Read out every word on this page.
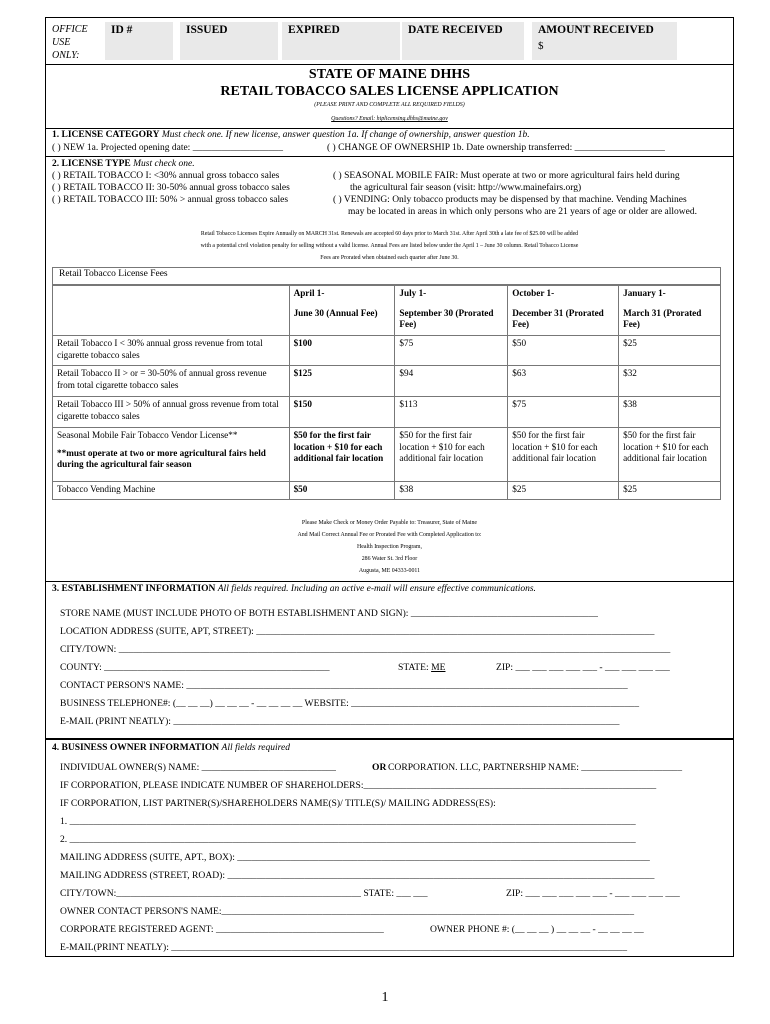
OFFICE USE ONLY:
ID #	ISSUED	EXPIRED	DATE RECEIVED	AMOUNT RECEIVED
$
STATE OF MAINE DHHS
RETAIL TOBACCO SALES LICENSE APPLICATION
(PLEASE PRINT AND COMPLETE ALL REQUIRED FIELDS)
Questions? Email: hiplicensing.dhhs@maine.gov
1. LICENSE CATEGORY Must check one. If new license, answer question 1a. If change of ownership, answer question 1b.
( ) NEW 1a. Projected opening date: ___________________	( ) CHANGE OF OWNERSHIP 1b. Date ownership transferred: ___________________
2. LICENSE TYPE Must check one.
( ) RETAIL TOBACCO I: <30% annual gross tobacco sales
( ) RETAIL TOBACCO II: 30-50% annual gross tobacco sales
( ) RETAIL TOBACCO III: 50% > annual gross tobacco sales
( ) SEASONAL MOBILE FAIR: Must operate at two or more agricultural fairs held during
the agricultural fair season (visit: http://www.mainefairs.org)
( ) VENDING: Only tobacco products may be dispensed by that machine. Vending Machines
may be located in areas in which only persons who are 21 years of age or older are allowed.
Retail Tobacco Licenses Expire Annually on MARCH 31st. Renewals are accepted 60 days prior to March 31st. After April 30th a late fee of $25.00 will be added
with a potential civil violation penalty for selling without a valid license. Annual Fees are listed below under the April 1 – June 30 column. Retail Tobacco License
Fees are Prorated when obtained each quarter after June 30.
Retail Tobacco License Fees
	April 1-	July 1-	October 1-	January 1-
	June 30 (Annual Fee)	September 30 (Prorated Fee)	December 31 (Prorated Fee)	March 31 (Prorated Fee)
Retail Tobacco I < 30% annual gross revenue from total cigarette tobacco sales	$100	$75	$50	$25
Retail Tobacco II > or = 30-50% of annual gross revenue from total cigarette tobacco sales	$125	$94	$63	$32
Retail Tobacco III > 50% of annual gross revenue from total cigarette tobacco sales	$150	$113	$75	$38

Seasonal Mobile Fair Tobacco Vendor License**
**must operate at two or more agricultural fairs held during the agricultural fair season	$50 for the first fair location + $10 for each additional fair location	$50 for the first fair location + $10 for each additional fair location	$50 for the first fair location + $10 for each additional fair location	$50 for the first fair location + $10 for each additional fair location
Tobacco Vending Machine	$50	$38	$25	$25
Please Make Check or Money Order Payable to: Treasurer, State of Maine
And Mail Correct Annual Fee or Prorated Fee with Completed Application to:
Health Inspection Program,
286 Water St. 3rd Floor
Augusta, ME 04333-0011
3. ESTABLISHMENT INFORMATION All fields required. Including an active e-mail will ensure effective communications.
STORE NAME (MUST INCLUDE PHOTO OF BOTH ESTABLISHMENT AND SIGN): _______________________________________
LOCATION ADDRESS (SUITE, APT, STREET): ___________________________________________________________________________________
CITY/TOWN: ___________________________________________________________________________________________________________________
COUNTY: _______________________________________________	STATE: ME	ZIP: ___ ___ ___ ___ ___ - ___ ___ ___ ___
CONTACT PERSON'S NAME: ____________________________________________________________________________________________
BUSINESS TELEPHONE#: (__ __ __) __ __ __ - __ __ __ __ WEBSITE: ____________________________________________________________
E-MAIL (PRINT NEATLY): _____________________________________________________________________________________________
4. BUSINESS OWNER INFORMATION All fields required
INDIVIDUAL OWNER(S) NAME: ____________________________	OR CORPORATION. LLC, PARTNERSHIP NAME: _____________________
IF CORPORATION, PLEASE INDICATE NUMBER OF SHAREHOLDERS:_____________________________________________________________
IF CORPORATION, LIST PARTNER(S)/SHAREHOLDERS NAME(S)/ TITLE(S)/ MAILING ADDRESS(ES):
1. ______________________________________________________________________________________________________________________
2. ______________________________________________________________________________________________________________________
MAILING ADDRESS (SUITE, APT., BOX): ______________________________________________________________________________________
MAILING ADDRESS (STREET, ROAD): _________________________________________________________________________________________
CITY/TOWN:___________________________________________________ STATE: ___ ___	ZIP: ___ ___ ___ ___ ___ - ___ ___ ___ ___
OWNER CONTACT PERSON'S NAME:______________________________________________________________________________________
CORPORATE REGISTERED AGENT: ___________________________________	OWNER PHONE #: (__ __ __ ) __ __ __ - __ __ __ __
E-MAIL(PRINT NEATLY): _______________________________________________________________________________________________
1
